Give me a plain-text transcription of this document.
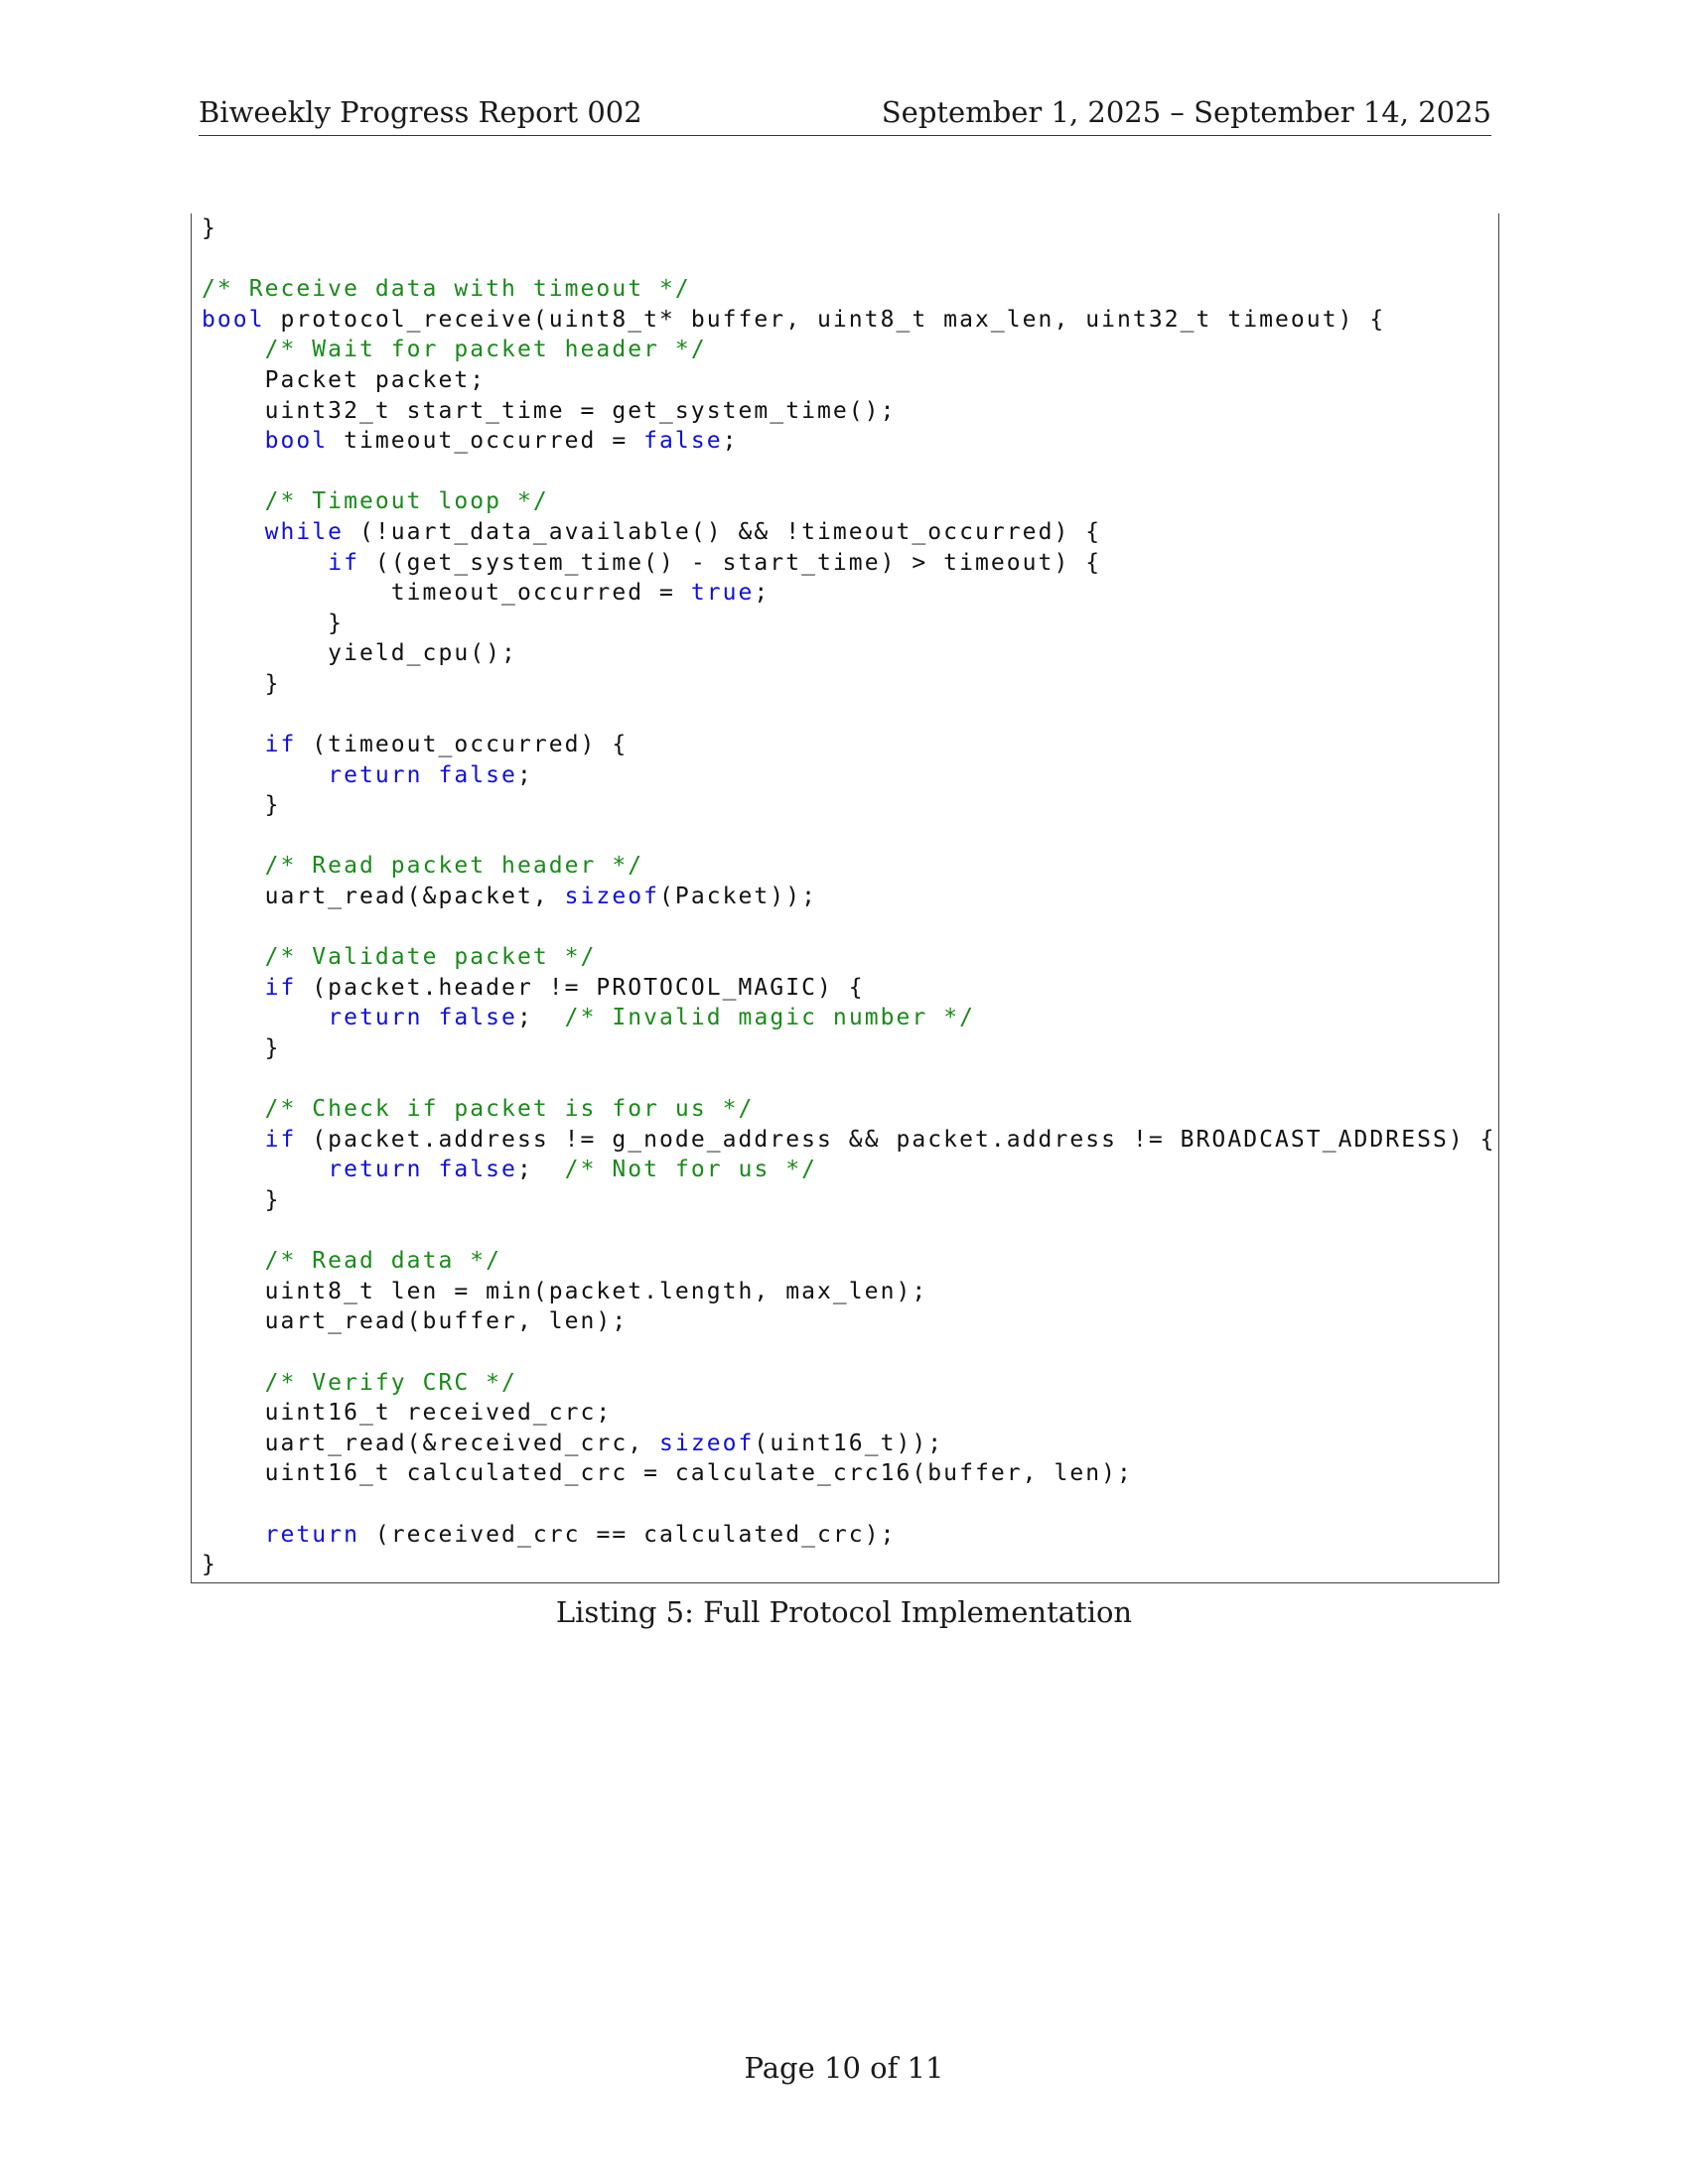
Biweekly Progress Report 002	September 1, 2025 – September 14, 2025
}
/* Receive data with timeout */
bool protocol_receive(uint8_t* buffer, uint8_t max_len, uint32_t timeout) {
/* Wait for packet header */
Packet packet;
uint32_t start_time = get_system_time();
bool timeout_occurred = false;
/* Timeout loop */
while (!uart_data_available() && !timeout_occurred) {
if ((get_system_time() - start_time) > timeout) {
timeout_occurred = true;
}
yield_cpu();
}
if (timeout_occurred) {
return false;
}
/* Read packet header */
uart_read(&packet, sizeof(Packet));
/* Validate packet */
if (packet.header != PROTOCOL_MAGIC) {
return false;  /* Invalid magic number */
}
/* Check if packet is for us */
if (packet.address != g_node_address && packet.address != BROADCAST_ADDRESS) {
return false;  /* Not for us */
}
/* Read data */
uint8_t len = min(packet.length, max_len);
uart_read(buffer, len);
/* Verify CRC */
uint16_t received_crc;
uart_read(&received_crc, sizeof(uint16_t));
uint16_t calculated_crc = calculate_crc16(buffer, len);
return (received_crc == calculated_crc);
}
Listing 5: Full Protocol Implementation
Page 10 of 11
